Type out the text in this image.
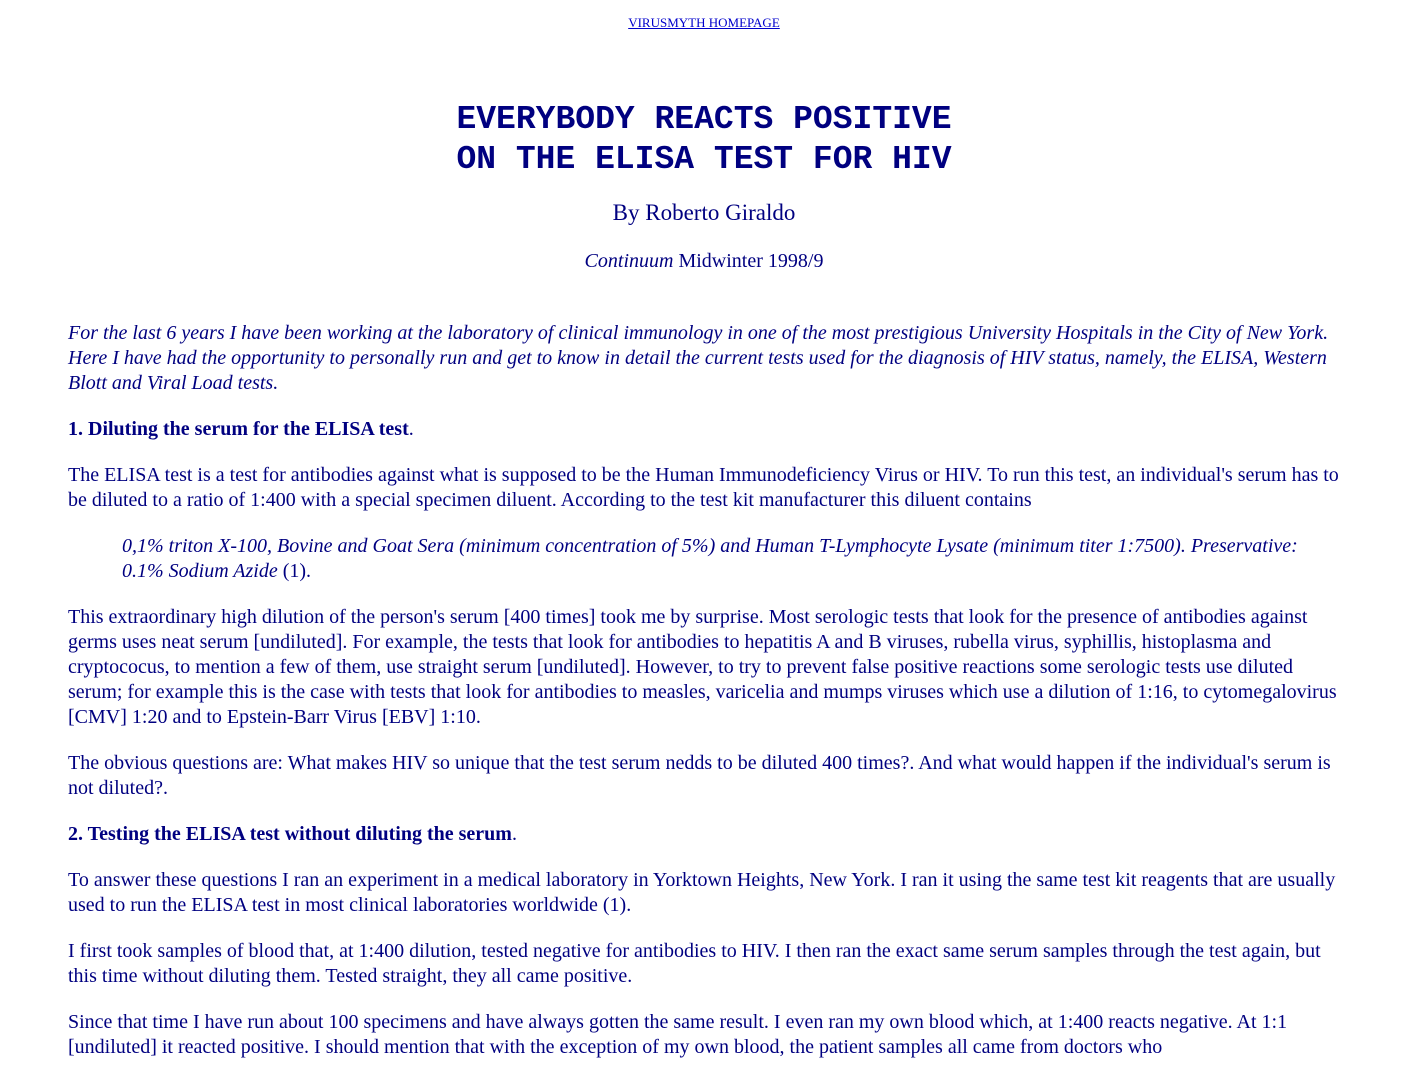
VIRUSMYTH HOMEPAGE
EVERYBODY REACTS POSITIVE
ON THE ELISA TEST FOR HIV
By Roberto Giraldo
Continuum Midwinter 1998/9

For the last 6 years I have been working at the laboratory of clinical immunology in one of the most prestigious University Hospitals in the City of New York. Here I have had the opportunity to personally run and get to know in detail the current tests used for the diagnosis of HIV status, namely, the ELISA, Western Blott and Viral Load tests.

1. Diluting the serum for the ELISA test.

The ELISA test is a test for antibodies against what is supposed to be the Human Immunodeficiency Virus or HIV. To run this test, an individual's serum has to be diluted to a ratio of 1:400 with a special specimen diluent. According to the test kit manufacturer this diluent contains

0,1% triton X-100, Bovine and Goat Sera (minimum concentration of 5%) and Human T-Lymphocyte Lysate (minimum titer 1:7500). Preservative: 0.1% Sodium Azide (1).

This extraordinary high dilution of the person's serum [400 times] took me by surprise. Most serologic tests that look for the presence of antibodies against germs uses neat serum [undiluted]. For example, the tests that look for antibodies to hepatitis A and B viruses, rubella virus, syphillis, histoplasma and cryptococus, to mention a few of them, use straight serum [undiluted]. However, to try to prevent false positive reactions some serologic tests use diluted serum; for example this is the case with tests that look for antibodies to measles, varicelia and mumps viruses which use a dilution of 1:16, to cytomegalovirus [CMV] 1:20 and to Epstein-Barr Virus [EBV] 1:10.

The obvious questions are: What makes HIV so unique that the test serum nedds to be diluted 400 times?. And what would happen if the individual's serum is not diluted?.

2. Testing the ELISA test without diluting the serum.

To answer these questions I ran an experiment in a medical laboratory in Yorktown Heights, New York. I ran it using the same test kit reagents that are usually used to run the ELISA test in most clinical laboratories worldwide (1).

I first took samples of blood that, at 1:400 dilution, tested negative for antibodies to HIV. I then ran the exact same serum samples through the test again, but this time without diluting them. Tested straight, they all came positive.

Since that time I have run about 100 specimens and have always gotten the same result. I even ran my own blood which, at 1:400 reacts negative. At 1:1 [undiluted] it reacted positive. I should mention that with the exception of my own blood, the patient samples all came from doctors who
